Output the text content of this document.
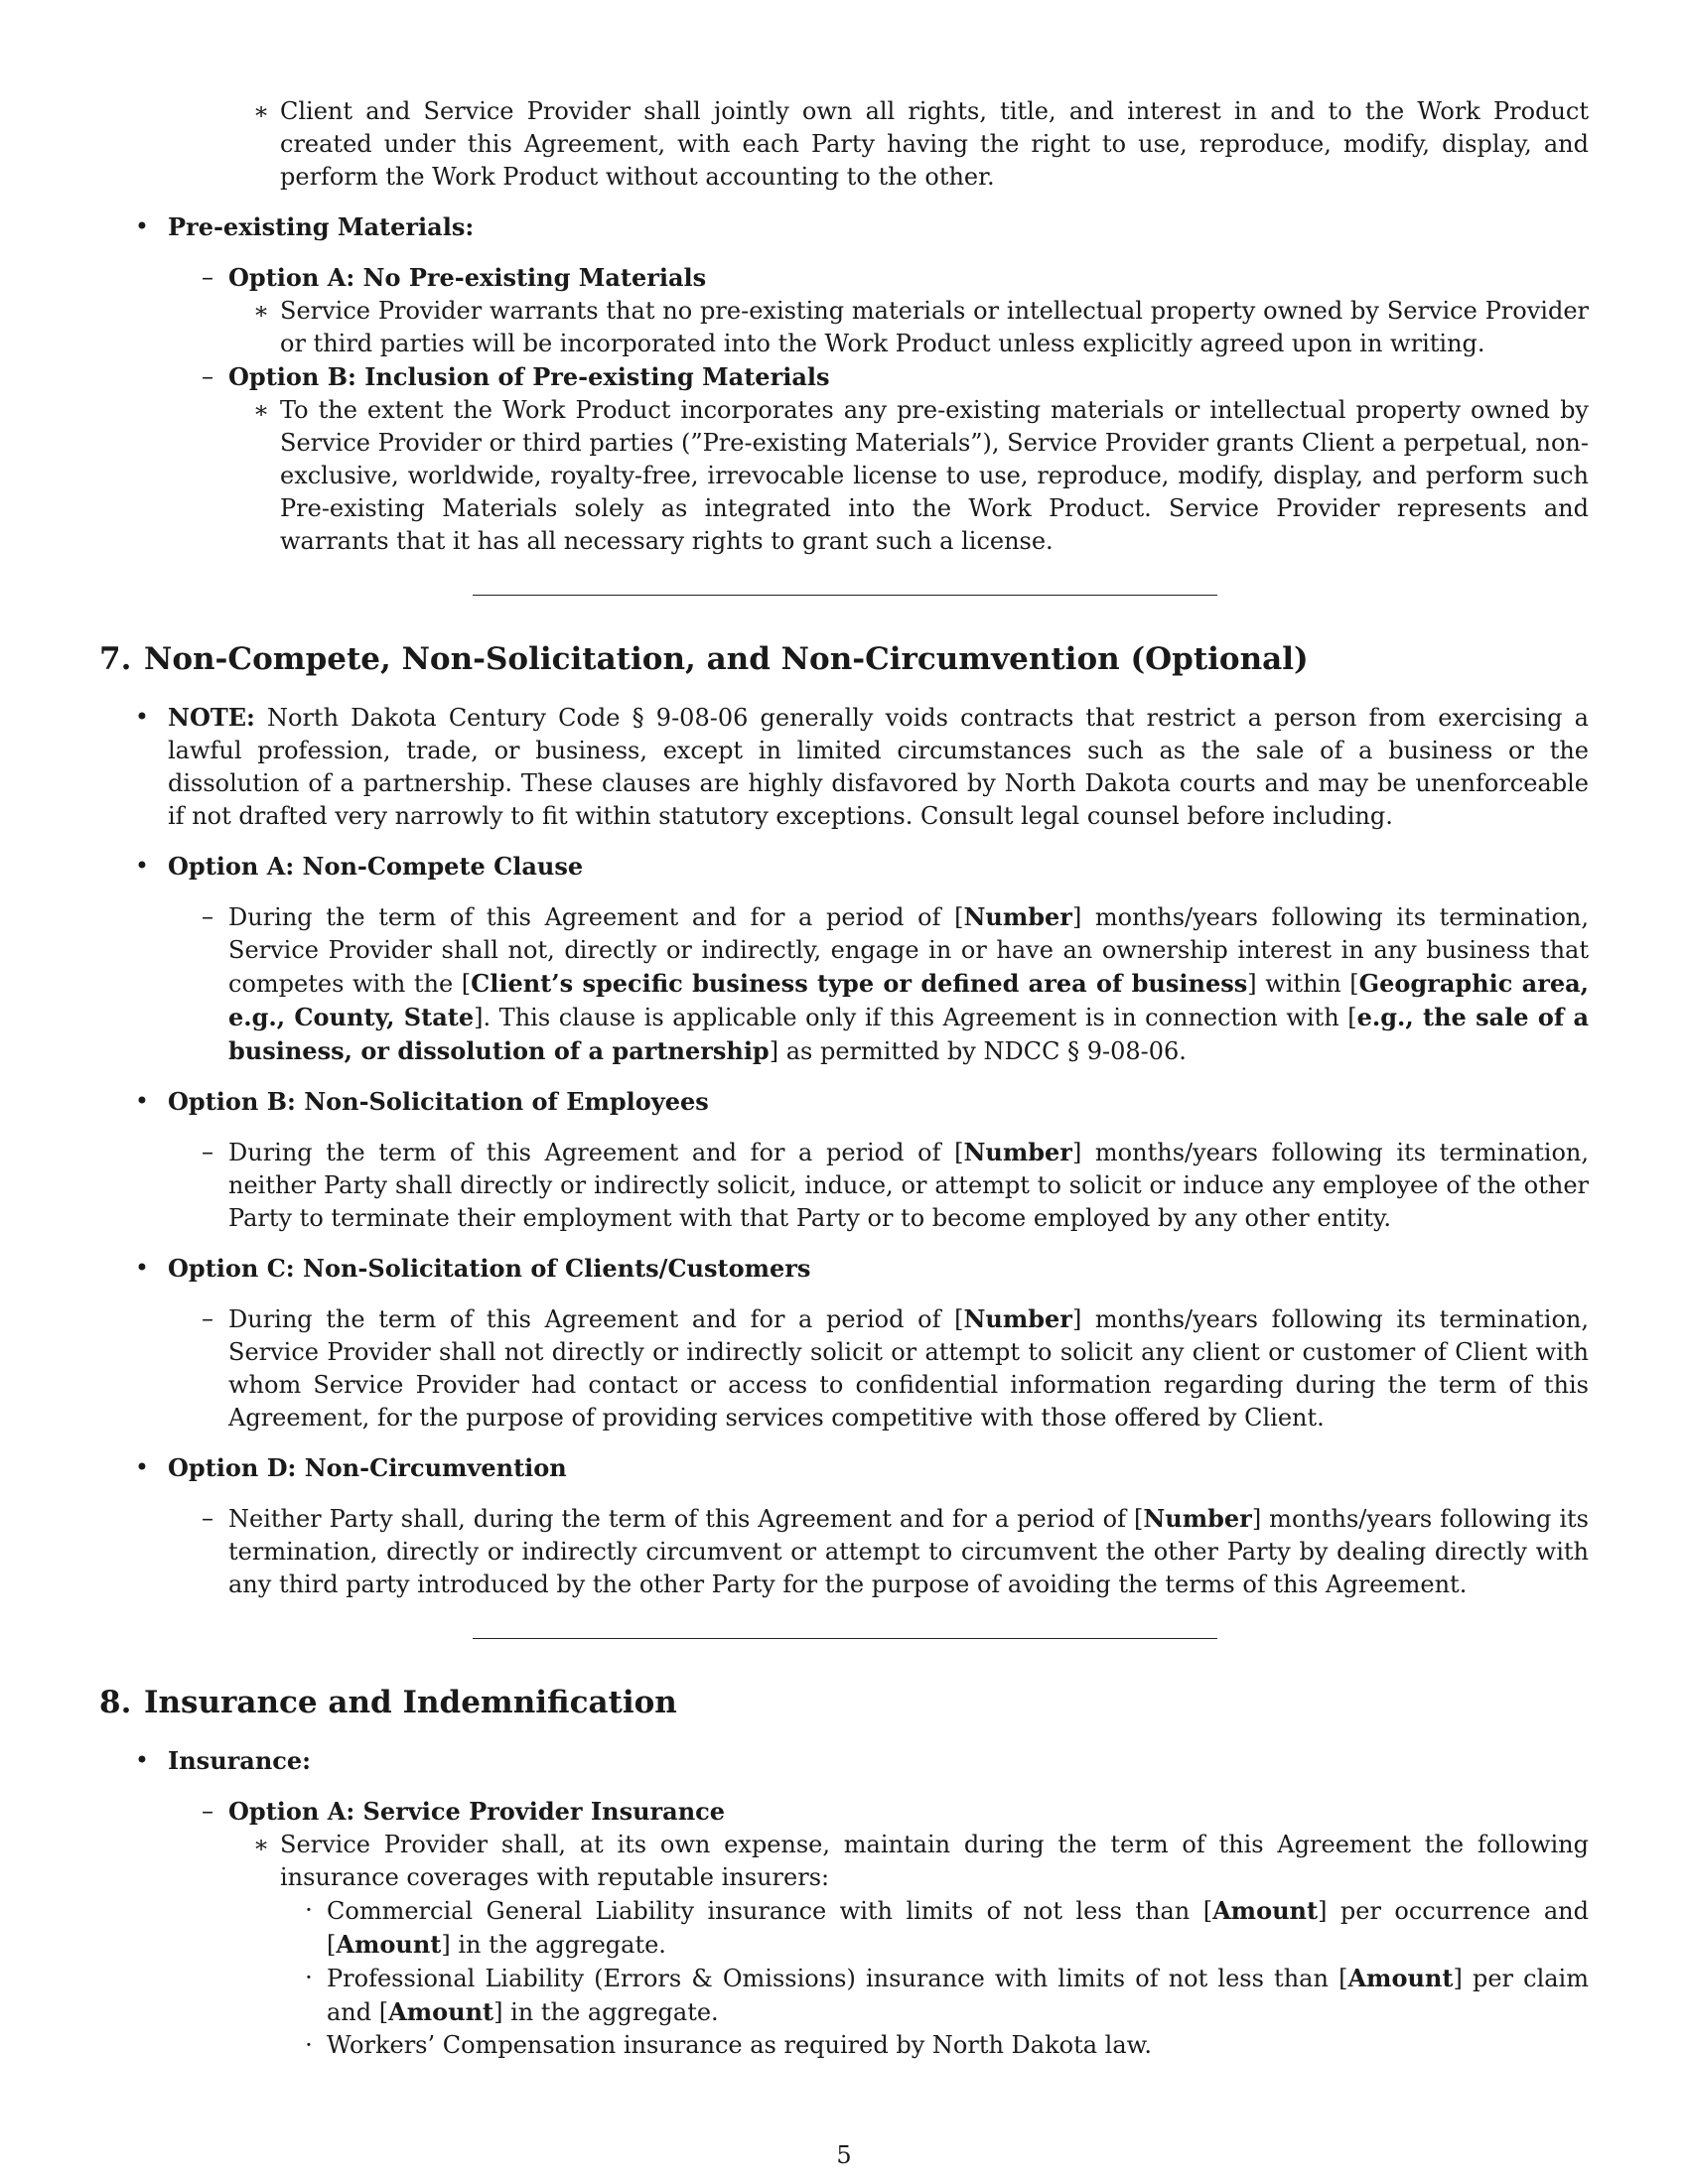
∗ Client and Service Provider shall jointly own all rights, title, and interest in and to the Work Product created under this Agreement, with each Party having the right to use, reproduce, modify, display, and perform the Work Product without accounting to the other.

• Pre-existing Materials:

– Option A: No Pre-existing Materials

∗ Service Provider warrants that no pre-existing materials or intellectual property owned by Service Provider or third parties will be incorporated into the Work Product unless explicitly agreed upon in writing.

– Option B: Inclusion of Pre-existing Materials

∗ To the extent the Work Product incorporates any pre-existing materials or intellectual property owned by Service Provider or third parties (”Pre-existing Materials”), Service Provider grants Client a perpetual, non-exclusive, worldwide, royalty-free, irrevocable license to use, reproduce, modify, display, and perform such Pre-existing Materials solely as integrated into the Work Product. Service Provider represents and warrants that it has all necessary rights to grant such a license.

7. Non-Compete, Non-Solicitation, and Non-Circumvention (Optional)
• NOTE: North Dakota Century Code § 9-08-06 generally voids contracts that restrict a person from exercising a lawful profession, trade, or business, except in limited circumstances such as the sale of a business or the dissolution of a partnership. These clauses are highly disfavored by North Dakota courts and may be unenforceable if not drafted very narrowly to fit within statutory exceptions. Consult legal counsel before including.

• Option A: Non-Compete Clause

– During the term of this Agreement and for a period of [Number] months/years following its termination, Service Provider shall not, directly or indirectly, engage in or have an ownership interest in any business that competes with the [Client’s specific business type or defined area of business] within [Geographic area, e.g., County, State]. This clause is applicable only if this Agreement is in connection with [e.g., the sale of a business, or dissolution of a partnership] as permitted by NDCC § 9-08-06.

• Option B: Non-Solicitation of Employees

– During the term of this Agreement and for a period of [Number] months/years following its termination, neither Party shall directly or indirectly solicit, induce, or attempt to solicit or induce any employee of the other Party to terminate their employment with that Party or to become employed by any other entity.

• Option C: Non-Solicitation of Clients/Customers

– During the term of this Agreement and for a period of [Number] months/years following its termination, Service Provider shall not directly or indirectly solicit or attempt to solicit any client or customer of Client with whom Service Provider had contact or access to confidential information regarding during the term of this Agreement, for the purpose of providing services competitive with those offered by Client.

• Option D: Non-Circumvention

– Neither Party shall, during the term of this Agreement and for a period of [Number] months/years following its termination, directly or indirectly circumvent or attempt to circumvent the other Party by dealing directly with any third party introduced by the other Party for the purpose of avoiding the terms of this Agreement.

8. Insurance and Indemnification
• Insurance:

– Option A: Service Provider Insurance

∗ Service Provider shall, at its own expense, maintain during the term of this Agreement the following insurance coverages with reputable insurers:

· Commercial General Liability insurance with limits of not less than [Amount] per occurrence and [Amount] in the aggregate.

· Professional Liability (Errors & Omissions) insurance with limits of not less than [Amount] per claim and [Amount] in the aggregate.

· Workers’ Compensation insurance as required by North Dakota law.

5
